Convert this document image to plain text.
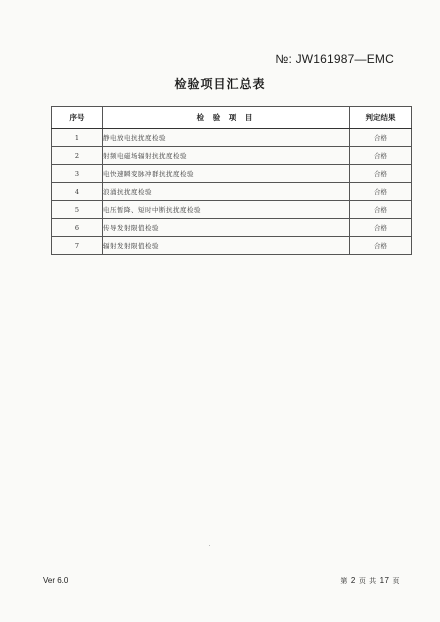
№: JW161987—EMC
检验项目汇总表
序号	检 验 项 目	判定结果
1	静电放电抗扰度检验	合格
2	射频电磁场辐射抗扰度检验	合格
3	电快速瞬变脉冲群抗扰度检验	合格
4	浪涌抗扰度检验	合格
5	电压暂降、短时中断抗扰度检验	合格
6	传导发射限值检验	合格
7	辐射发射限值检验	合格
Ver 6.0	第 2 页 共 17 页
